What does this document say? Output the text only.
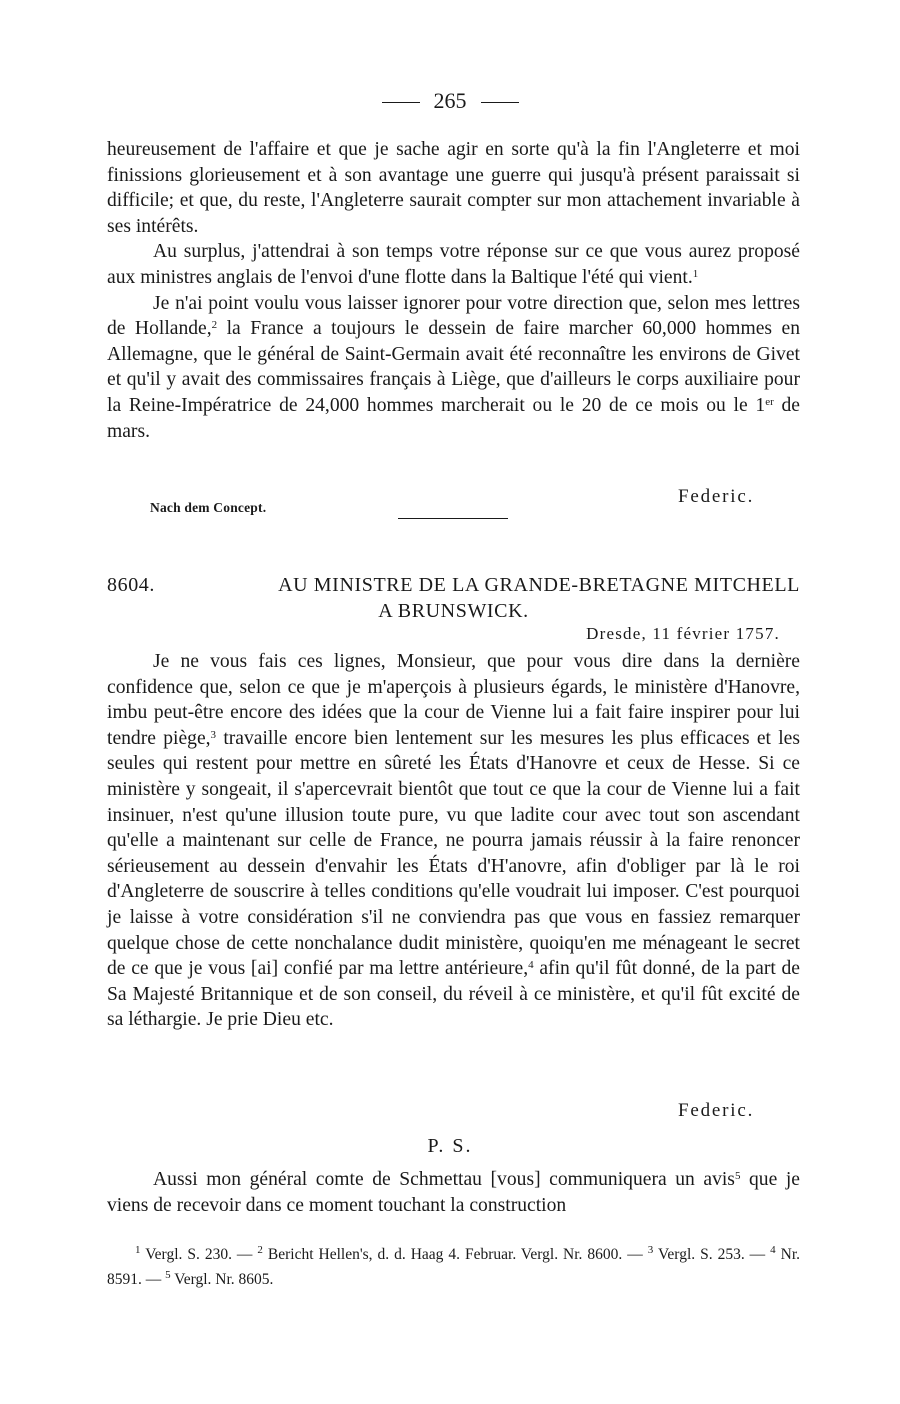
265

heureusement de l'affaire et que je sache agir en sorte qu'à la fin l'Angleterre et moi finissions glorieusement et à son avantage une guerre qui jusqu'à présent paraissait si difficile; et que, du reste, l'Angleterre saurait compter sur mon attachement invariable à ses intérêts.

Au surplus, j'attendrai à son temps votre réponse sur ce que vous aurez proposé aux ministres anglais de l'envoi d'une flotte dans la Baltique l'été qui vient.$^1$

Je n'ai point voulu vous laisser ignorer pour votre direction que, selon mes lettres de Hollande,$^2$ la France a toujours le dessein de faire marcher 60,000 hommes en Allemagne, que le général de Saint-Germain avait été reconnaître les environs de Givet et qu'il y avait des commissaires français à Liège, que d'ailleurs le corps auxiliaire pour la Reine-Impératrice de 24,000 hommes marcherait ou le 20 de ce mois ou le 1er de mars.

Federic.
Nach dem Concept.
8604.	AU MINISTRE DE LA GRANDE-BRETAGNE MITCHELL
A BRUNSWICK.
Dresde, 11 février 1757.

Je ne vous fais ces lignes, Monsieur, que pour vous dire dans la dernière confidence que, selon ce que je m'aperçois à plusieurs égards, le ministère d'Hanovre, imbu peut-être encore des idées que la cour de Vienne lui a fait faire inspirer pour lui tendre piège,$^3$ travaille encore bien lentement sur les mesures les plus efficaces et les seules qui restent pour mettre en sûreté les États d'Hanovre et ceux de Hesse. Si ce ministère y songeait, il s'apercevrait bientôt que tout ce que la cour de Vienne lui a fait insinuer, n'est qu'une illusion toute pure, vu que ladite cour avec tout son ascendant qu'elle a maintenant sur celle de France, ne pourra jamais réussir à la faire renoncer sérieusement au dessein d'envahir les États d'H'anovre, afin d'obliger par là le roi d'Angleterre de souscrire à telles conditions qu'elle voudrait lui imposer. C'est pourquoi je laisse à votre considération s'il ne conviendra pas que vous en fassiez remarquer quelque chose de cette nonchalance dudit ministère, quoiqu'en me ménageant le secret de ce que je vous [ai] confié par ma lettre antérieure,$^4$ afin qu'il fût donné, de la part de Sa Majesté Britannique et de son conseil, du réveil à ce ministère, et qu'il fût excité de sa léthargie. Je prie Dieu etc.

Federic.
P. S.

Aussi mon général comte de Schmettau [vous] communiquera un avis$^5$ que je viens de recevoir dans ce moment touchant la construction

$^1$ Vergl. S. 230. — $^2$ Bericht Hellen's, d. d. Haag 4. Februar. Vergl. Nr. 8600. — $^3$ Vergl. S. 253. — $^4$ Nr. 8591. — $^5$ Vergl. Nr. 8605.
